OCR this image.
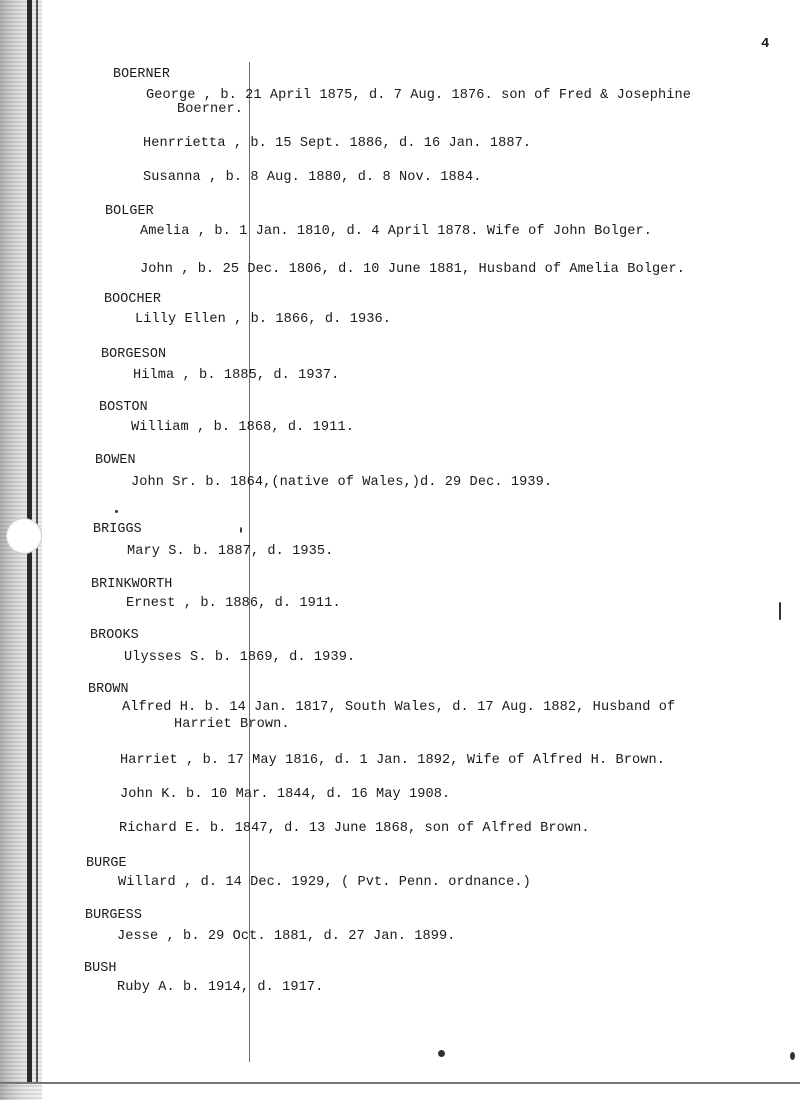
4
BOERNER
George , b. 21 April 1875, d. 7 Aug. 1876. son of Fred & Josephine
Boerner.
Henrrietta , b. 15 Sept. 1886, d. 16 Jan. 1887.
Susanna , b. 8 Aug. 1880, d. 8 Nov. 1884.
BOLGER
Amelia , b. 1 Jan. 1810, d. 4 April 1878. Wife of John Bolger.
John , b. 25 Dec. 1806, d. 10 June 1881, Husband of Amelia Bolger.
BOOCHER
Lilly Ellen , b. 1866, d. 1936.
BORGESON
Hilma , b. 1885, d. 1937.
BOSTON
William , b. 1868, d. 1911.
BOWEN
John Sr. b. 1864,(native of Wales,)d. 29 Dec. 1939.
BRIGGS
Mary S. b. 1887, d. 1935.
BRINKWORTH
Ernest , b. 1886, d. 1911.
BROOKS
Ulysses S. b. 1869, d. 1939.
BROWN
Alfred H. b. 14 Jan. 1817, South Wales, d. 17 Aug. 1882, Husband of
Harriet Brown.
Harriet , b. 17 May 1816, d. 1 Jan. 1892, Wife of Alfred H. Brown.
John K. b. 10 Mar. 1844, d. 16 May 1908.
Richard E. b. 1847, d. 13 June 1868, son of Alfred Brown.
BURGE
Willard , d. 14 Dec. 1929, ( Pvt. Penn. ordnance.)
BURGESS
Jesse , b. 29 Oct. 1881, d. 27 Jan. 1899.
BUSH
Ruby A. b. 1914, d. 1917.
